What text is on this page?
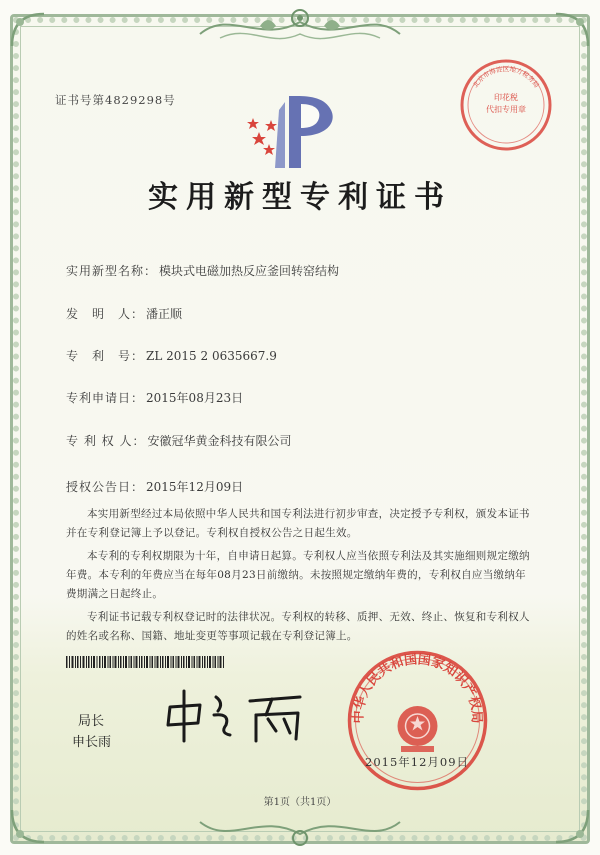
证书号第4829298号	印花税
代扣专用章
北京市海淀区地方税务局
实用新型专利证书
实用新型名称： 模块式电磁加热反应釜回转窑结构
发　明　人： 潘正顺
专　利　号： ZL 2015 2 0635667.9
专利申请日： 2015年08月23日
专 利 权 人： 安徽冠华黄金科技有限公司
授权公告日： 2015年12月09日

本实用新型经过本局依照中华人民共和国专利法进行初步审查，决定授予专利权，颁发本证书并在专利登记簿上予以登记。专利权自授权公告之日起生效。

本专利的专利权期限为十年，自申请日起算。专利权人应当依照专利法及其实施细则规定缴纳年费。本专利的年费应当在每年08月23日前缴纳。未按照规定缴纳年费的，专利权自应当缴纳年费期满之日起终止。

专利证书记载专利权登记时的法律状况。专利权的转移、质押、无效、终止、恢复和专利权人的姓名或名称、国籍、地址变更等事项记载在专利登记簿上。

局长
申长雨
中华人民共和国国家知识产权局
2015年12月09日
第1页（共1页）
